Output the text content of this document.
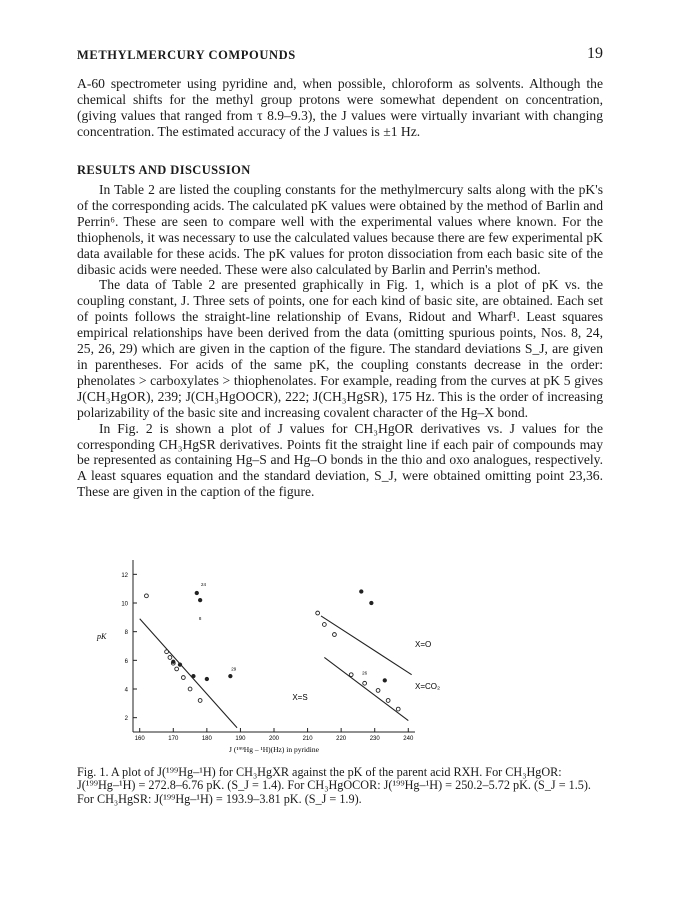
METHYLMERCURY COMPOUNDS	19

A-60 spectrometer using pyridine and, when possible, chloroform as solvents. Although the chemical shifts for the methyl group protons were somewhat dependent on concentration, (giving values that ranged from τ 8.9–9.3), the J values were virtually invariant with changing concentration. The estimated accuracy of the J values is ±1 Hz.

RESULTS AND DISCUSSION

In Table 2 are listed the coupling constants for the methylmercury salts along with the pK's of the corresponding acids. The calculated pK values were obtained by the method of Barlin and Perrin⁶. These are seen to compare well with the experimental values where known. For the thiophenols, it was necessary to use the calculated values because there are few experimental pK data available for these acids. The pK values for proton dissociation from each basic site of the dibasic acids were needed. These were also calculated by Barlin and Perrin's method.

The data of Table 2 are presented graphically in Fig. 1, which is a plot of pK vs. the coupling constant, J. Three sets of points, one for each kind of basic site, are obtained. Each set of points follows the straight-line relationship of Evans, Ridout and Wharf¹. Least squares empirical relationships have been derived from the data (omitting spurious points, Nos. 8, 24, 25, 26, 29) which are given in the caption of the figure. The standard deviations S_J, are given in parentheses. For acids of the same pK, the coupling constants decrease in the order: phenolates > carboxylates > thiophenolates. For example, reading from the curves at pK 5 gives J(CH₃HgOR), 239; J(CH₃HgOOCR), 222; J(CH₃HgSR), 175 Hz. This is the order of increasing polarizability of the basic site and increasing covalent character of the Hg–X bond.

In Fig. 2 is shown a plot of J values for CH₃HgOR derivatives vs. J values for the corresponding CH₃HgSR derivatives. Points fit the straight line if each pair of compounds may be represented as containing Hg–S and Hg–O bonds in the thio and oxo analogues, respectively. A least squares equation and the standard deviation, S_J, were obtained omitting point 23,36. These are given in the caption of the figure.

2
4
6
8
10
12
160	170	180	190	200	210	220	230	240
pK
J (¹⁹⁹Hg – ¹H)(Hz) in pyridine
X=S
X=O
X=CO₂
24
8
29
26

Fig. 1. A plot of J(¹⁹⁹Hg–¹H) for CH₃HgXR against the pK of the parent acid RXH. For CH₃HgOR: J(¹⁹⁹Hg–¹H) = 272.8–6.76 pK. (S_J = 1.4). For CH₃HgOCOR: J(¹⁹⁹Hg–¹H) = 250.2–5.72 pK. (S_J = 1.5). For CH₃HgSR: J(¹⁹⁹Hg–¹H) = 193.9–3.81 pK. (S_J = 1.9).
